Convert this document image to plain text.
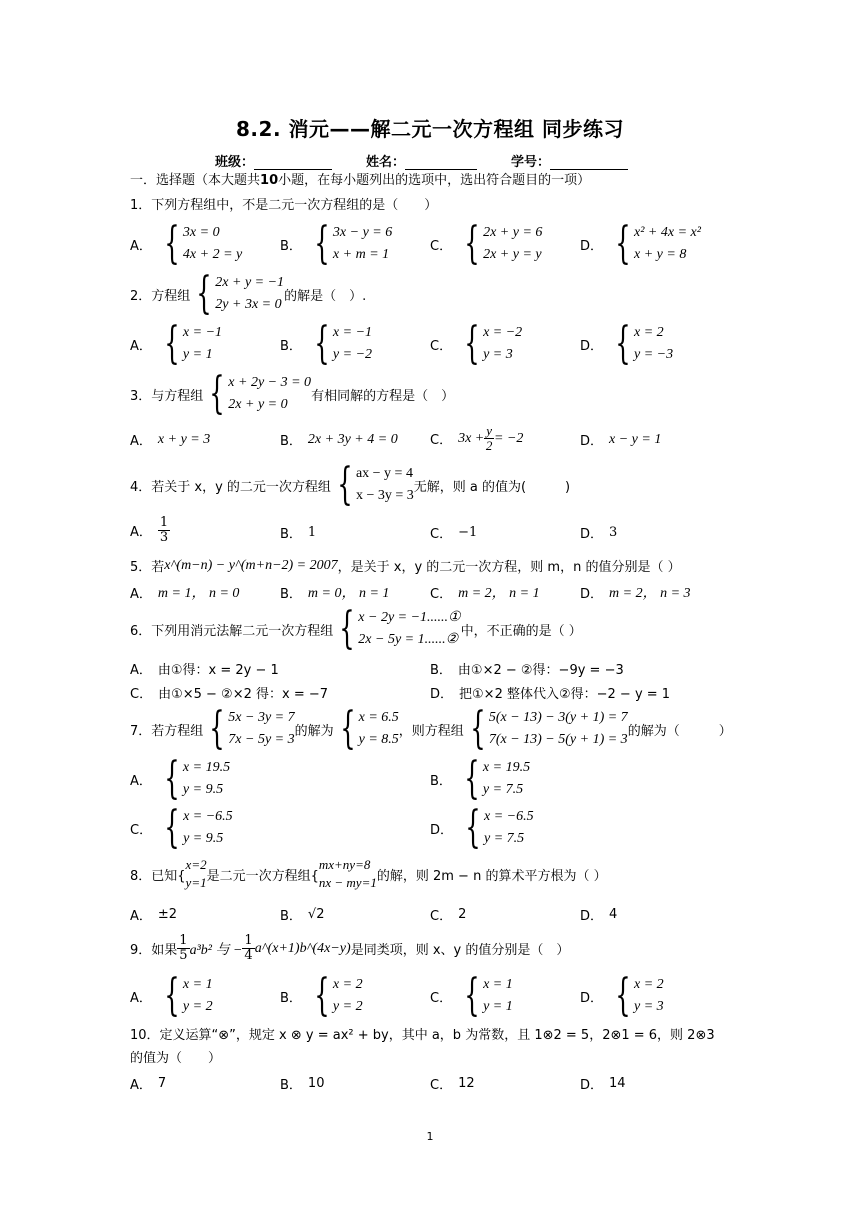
8.2. 消元——解二元一次方程组 同步练习
班级：	姓名：	学号：
一．选择题（本大题共10小题，在每小题列出的选项中，选出符合题目的一项）
1．下列方程组中，不是二元一次方程组的是（　　）
A． { 3x = 0
4x + 2 = y
B． { 3x − y = 6
x + m = 1
C． { 2x + y = 6
2x + y = y
D． { x² + 4x = x²
x + y = 8
2．方程组 { 2x + y = −1
2y + 3x = 0
的解是（　）.
A． { x = −1
y = 1
B． { x = −1
y = −2
C． { x = −2
y = 3
D． { x = 2
y = −3
3．与方程组 { x + 2y − 3 = 0
2x + y = 0
有相同解的方程是（　）
A． x + y = 3	B． 2x + 3y + 4 = 0 C． $3x + \frac{y}{2} = -2$	D． x − y = 1
4．若关于 x，y 的二元一次方程组 { ax − y = 4
x − 3y = 3
无解，则 a 的值为(　　　)
A． $\frac{1}{3}$	B． 1	C． −1	D． 3
5．若 x^(m−n) − y^(m+n−2) = 2007 ，是关于 x，y 的二元一次方程，则 m，n 的值分别是（ ）
A． m = 1， n = 0	B． m = 0， n = 1	C． m = 2， n = 1	D． m = 2， n = 3
6．下列用消元法解二元一次方程组 { x − 2y = −1......①
2x − 5y = 1......②
中，不正确的是（ ）
A． 由①得：x = 2y − 1	B． 由①×2 − ②得：−9y = −3
C． 由①×5 − ②×2 得：x = −7	D． 把①×2 整体代入②得：−2 − y = 1
7．若方程组 { 5x − 3y = 7
7x − 5y = 3
的解为 { x = 6.5
y = 8.5
，则方程组 { 5(x − 13) − 3(y + 1) = 7
7(x − 13) − 5(y + 1) = 3
的解为（　　　）
A． { x = 19.5
y = 9.5
B． { x = 19.5
y = 7.5
C． { x = −6.5
y = 9.5
D． { x = −6.5
y = 7.5
8．已知{
x=2
y=1 是二元一次方程组{
mx+ny=8
nx − my=1 的解，则 2m − n 的算术平方根为（ ）
A． ±2	B． √2	C． 2	D． 4
9．如果 $\frac{1}{5} a^3b^2$ 与 − $\frac{1}{4}$ a^(x+1)b^(4x−y) 是同类项，则 x、y 的值分别是（　）
A． { x = 1
y = 2
B． { x = 2
y = 2
C． { x = 1
y = 1
D． { x = 2
y = 3
10．定义运算“⊗”，规定 x ⊗ y = ax² + by，其中 a，b 为常数，且 1⊗2 = 5，2⊗1 = 6，则 2⊗3
的值为（　　）
A． 7	B． 10	C． 12	D． 14
1
